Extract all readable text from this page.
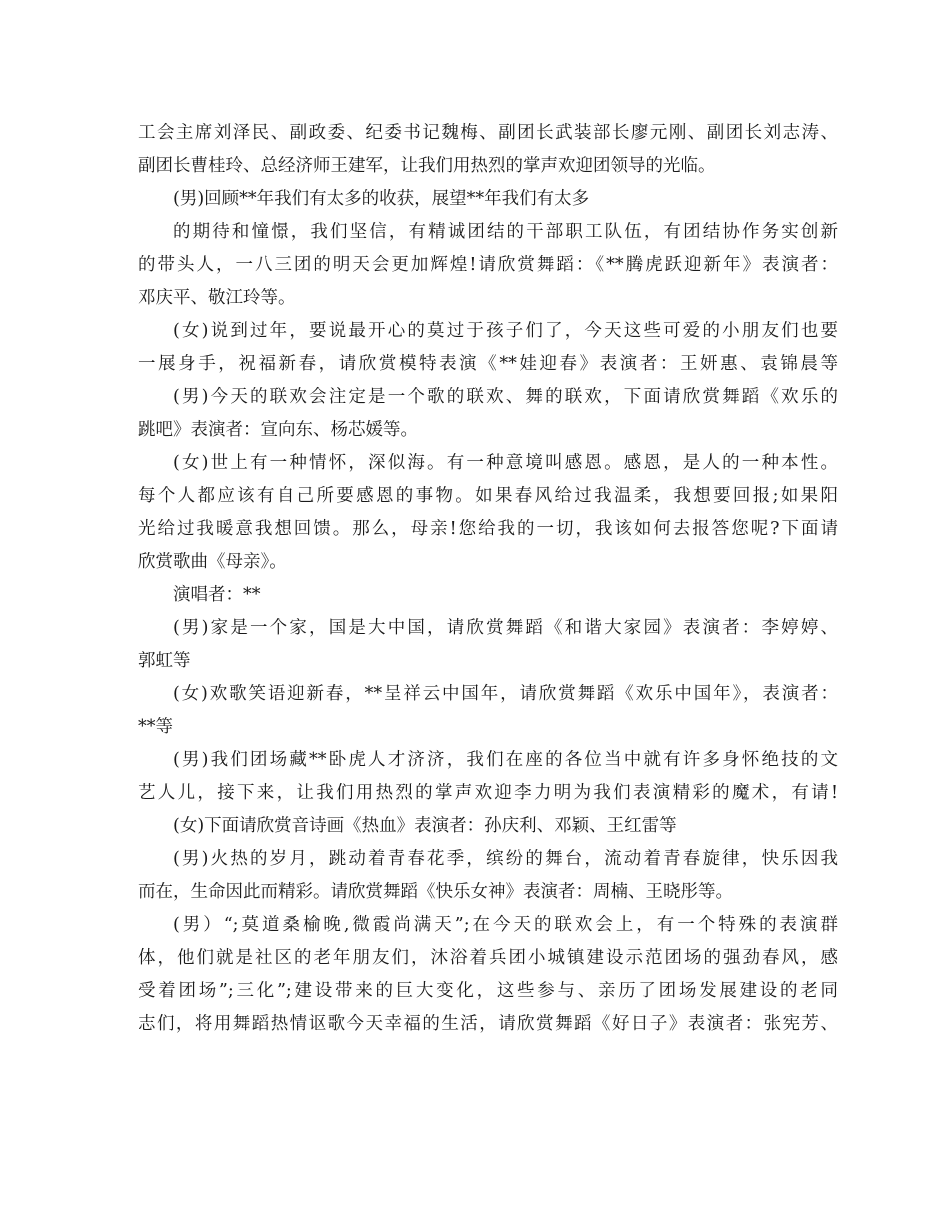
工会主席刘泽民、副政委、纪委书记魏梅、副团长武装部长廖元刚、副团长刘志涛、
副团长曹桂玲、总经济师王建军，让我们用热烈的掌声欢迎团领导的光临。
(男)回顾**年我们有太多的收获，展望**年我们有太多
的期待和憧憬，我们坚信，有精诚团结的干部职工队伍，有团结协作务实创新
的带头人，一八三团的明天会更加辉煌!请欣赏舞蹈：《**腾虎跃迎新年》表演者：
邓庆平、敬江玲等。
(女)说到过年，要说最开心的莫过于孩子们了，今天这些可爱的小朋友们也要
一展身手，祝福新春，请欣赏模特表演《**娃迎春》表演者：王妍惠、袁锦晨等
(男)今天的联欢会注定是一个歌的联欢、舞的联欢，下面请欣赏舞蹈《欢乐的
跳吧》表演者：宣向东、杨芯媛等。
(女)世上有一种情怀，深似海。有一种意境叫感恩。感恩，是人的一种本性。
每个人都应该有自己所要感恩的事物。如果春风给过我温柔，我想要回报;如果阳
光给过我暖意我想回馈。那么，母亲!您给我的一切，我该如何去报答您呢?下面请
欣赏歌曲《母亲》。
演唱者：**
(男)家是一个家，国是大中国，请欣赏舞蹈《和谐大家园》表演者：李婷婷、
郭虹等
(女)欢歌笑语迎新春，**呈祥云中国年，请欣赏舞蹈《欢乐中国年》，表演者：
**等
(男)我们团场藏**卧虎人才济济，我们在座的各位当中就有许多身怀绝技的文
艺人儿，接下来，让我们用热烈的掌声欢迎李力明为我们表演精彩的魔术，有请!
(女)下面请欣赏音诗画《热血》表演者：孙庆利、邓颖、王红雷等
(男)火热的岁月，跳动着青春花季，缤纷的舞台，流动着青春旋律，快乐因我
而在，生命因此而精彩。请欣赏舞蹈《快乐女神》表演者：周楠、王晓彤等。
(男）“;莫道桑榆晚,微霞尚满天”;在今天的联欢会上，有一个特殊的表演群
体，他们就是社区的老年朋友们，沐浴着兵团小城镇建设示范团场的强劲春风，感
受着团场”;三化”;建设带来的巨大变化，这些参与、亲历了团场发展建设的老同
志们，将用舞蹈热情讴歌今天幸福的生活，请欣赏舞蹈《好日子》表演者：张宪芳、
